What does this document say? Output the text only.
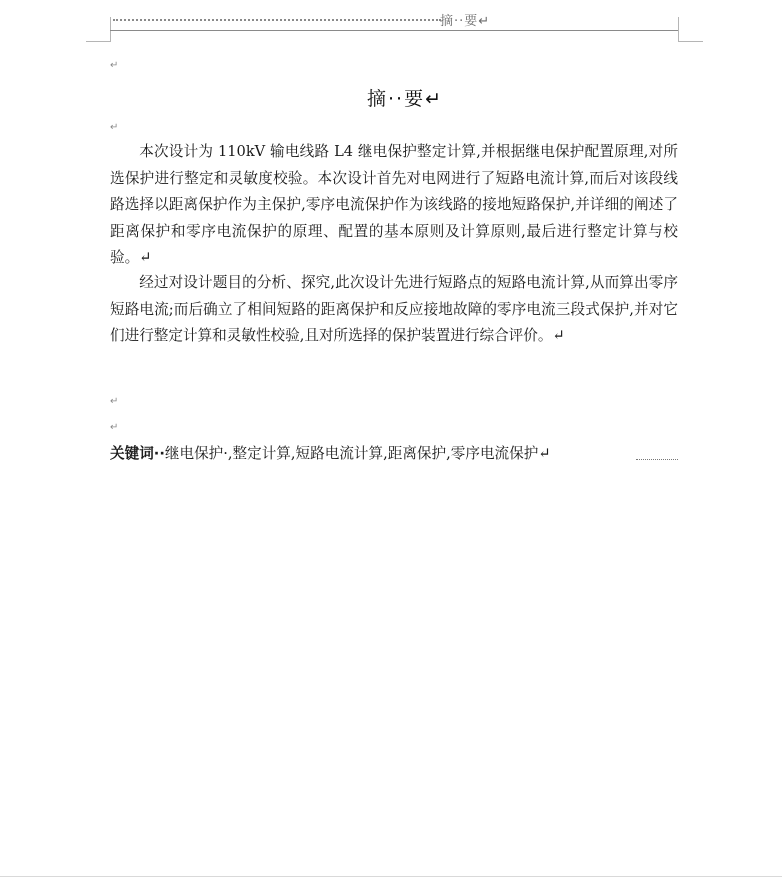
摘··要↵
↵
摘··要↵
↵

本次设计为 110kV 输电线路 L4 继电保护整定计算,并根据继电保护配置原理,对所选保护进行整定和灵敏度校验。本次设计首先对电网进行了短路电流计算,而后对该段线路选择以距离保护作为主保护,零序电流保护作为该线路的接地短路保护,并详细的阐述了距离保护和零序电流保护的原理、配置的基本原则及计算原则,最后进行整定计算与校验。↵

经过对设计题目的分析、探究,此次设计先进行短路点的短路电流计算,从而算出零序短路电流;而后确立了相间短路的距离保护和反应接地故障的零序电流三段式保护,并对它们进行整定计算和灵敏性校验,且对所选择的保护装置进行综合评价。↵

↵
↵
关键词··继电保护·,整定计算,短路电流计算,距离保护,零序电流保护↵
